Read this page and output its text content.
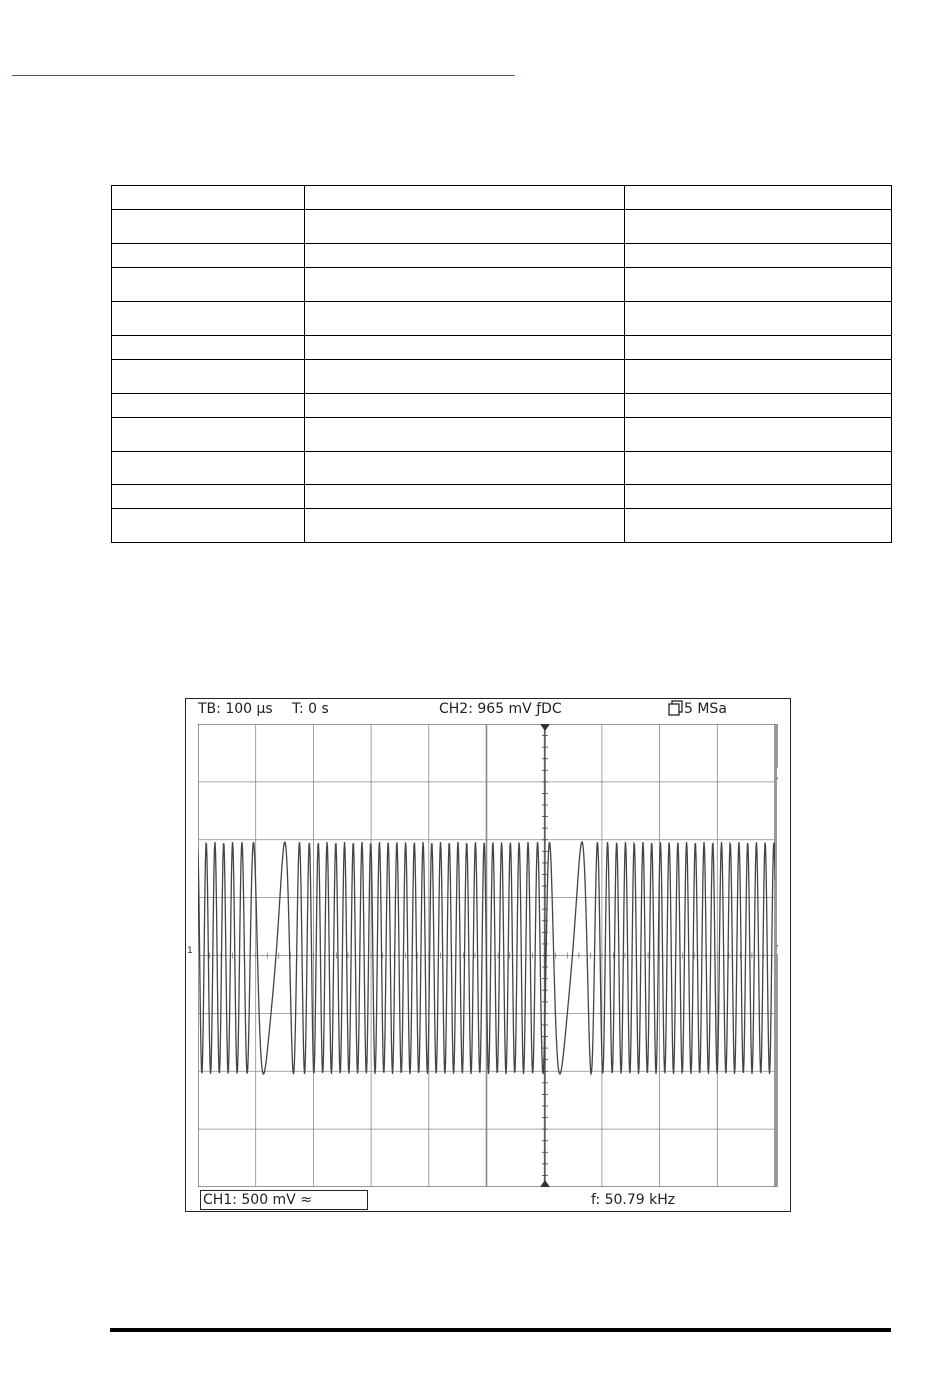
TB: 100 µs T: 0 s	CH2: 965 mV ƒDC	5 MSa
1
CH1: 500 mV ≈	f: 50.79 kHz
